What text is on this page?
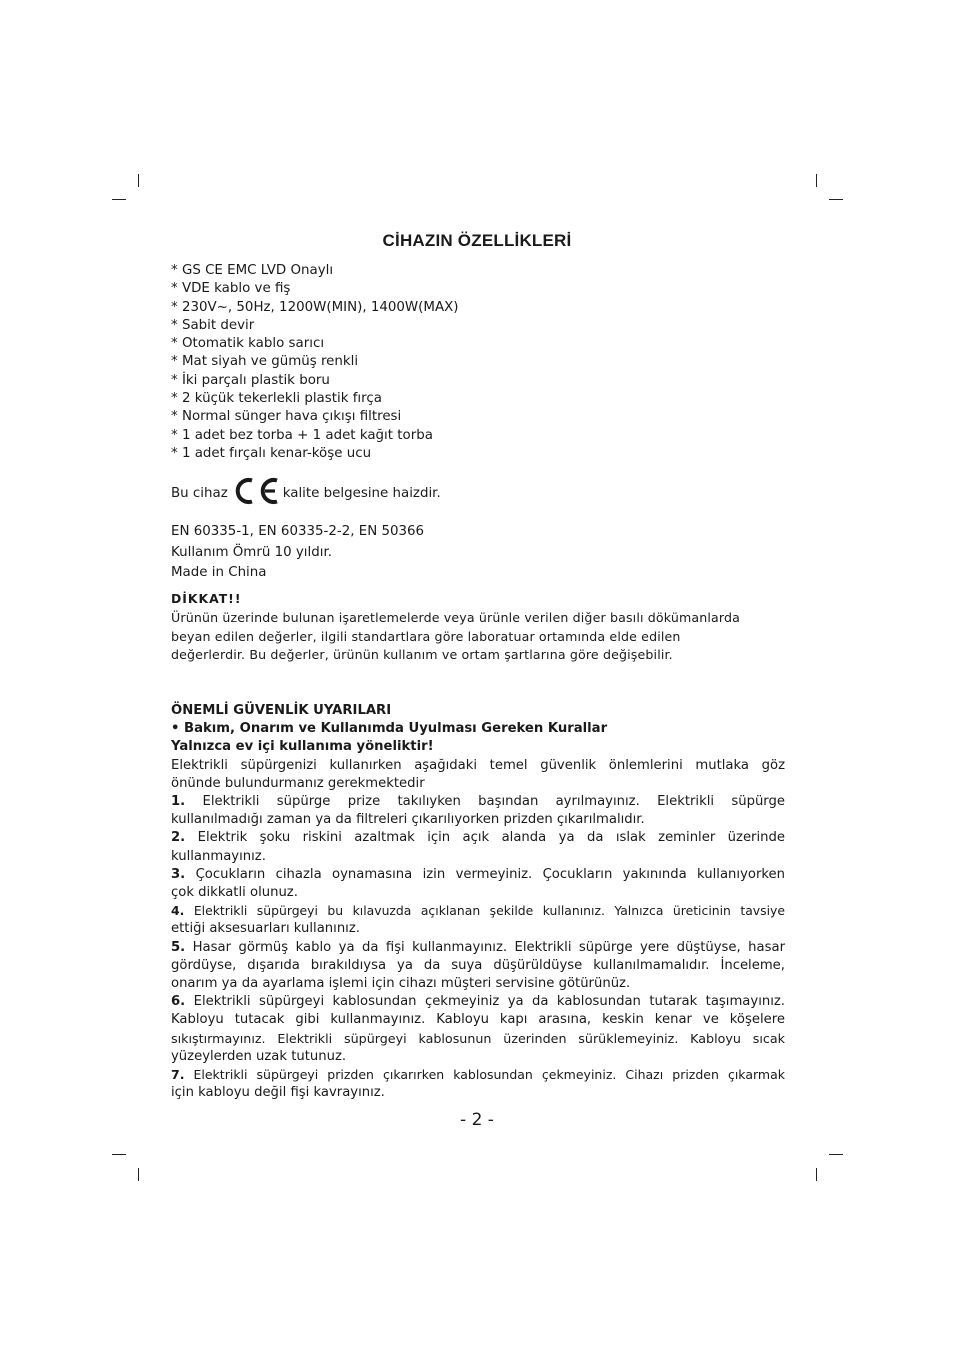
CİHAZIN ÖZELLİKLERİ
* GS CE EMC LVD Onaylı
* VDE kablo ve fiş
* 230V~, 50Hz, 1200W(MIN), 1400W(MAX)
* Sabit devir
* Otomatik kablo sarıcı
* Mat siyah ve gümüş renkli
* İki parçalı plastik boru
* 2 küçük tekerlekli plastik fırça
* Normal sünger hava çıkışı filtresi
* 1 adet bez torba + 1 adet kağıt torba
* 1 adet fırçalı kenar-köşe ucu
Bu cihaz	kalite belgesine haizdir.
EN 60335-1, EN 60335-2-2, EN 50366
Kullanım Ömrü 10 yıldır.
Made in China
DİKKAT!!
Ürünün üzerinde bulunan işaretlemelerde veya ürünle verilen diğer basılı dökümanlarda
beyan edilen değerler, ilgili standartlara göre laboratuar ortamında elde edilen
değerlerdir. Bu değerler, ürünün kullanım ve ortam şartlarına göre değişebilir.
ÖNEMLİ GÜVENLİK UYARILARI
• Bakım, Onarım ve Kullanımda Uyulması Gereken Kurallar
Yalnızca ev içi kullanıma yöneliktir!
Elektrikli süpürgenizi kullanırken aşağıdaki temel güvenlik önlemlerini mutlaka göz
önünde bulundurmanız gerekmektedir
1. Elektrikli süpürge prize takılıyken başından ayrılmayınız. Elektrikli süpürge
kullanılmadığı zaman ya da filtreleri çıkarılıyorken prizden çıkarılmalıdır.
2. Elektrik şoku riskini azaltmak için açık alanda ya da ıslak zeminler üzerinde
kullanmayınız.
3. Çocukların cihazla oynamasına izin vermeyiniz. Çocukların yakınında kullanıyorken
çok dikkatli olunuz.
4. Elektrikli süpürgeyi bu kılavuzda açıklanan şekilde kullanınız. Yalnızca üreticinin tavsiye
ettiği aksesuarları kullanınız.
5. Hasar görmüş kablo ya da fişi kullanmayınız. Elektrikli süpürge yere düştüyse, hasar
gördüyse, dışarıda bırakıldıysa ya da suya düşürüldüyse kullanılmamalıdır. İnceleme,
onarım ya da ayarlama işlemi için cihazı müşteri servisine götürünüz.
6. Elektrikli süpürgeyi kablosundan çekmeyiniz ya da kablosundan tutarak taşımayınız.
Kabloyu tutacak gibi kullanmayınız. Kabloyu kapı arasına, keskin kenar ve köşelere
sıkıştırmayınız. Elektrikli süpürgeyi kablosunun üzerinden sürüklemeyiniz. Kabloyu sıcak
yüzeylerden uzak tutunuz.
7. Elektrikli süpürgeyi prizden çıkarırken kablosundan çekmeyiniz. Cihazı prizden çıkarmak
için kabloyu değil fişi kavrayınız.
- 2 -
